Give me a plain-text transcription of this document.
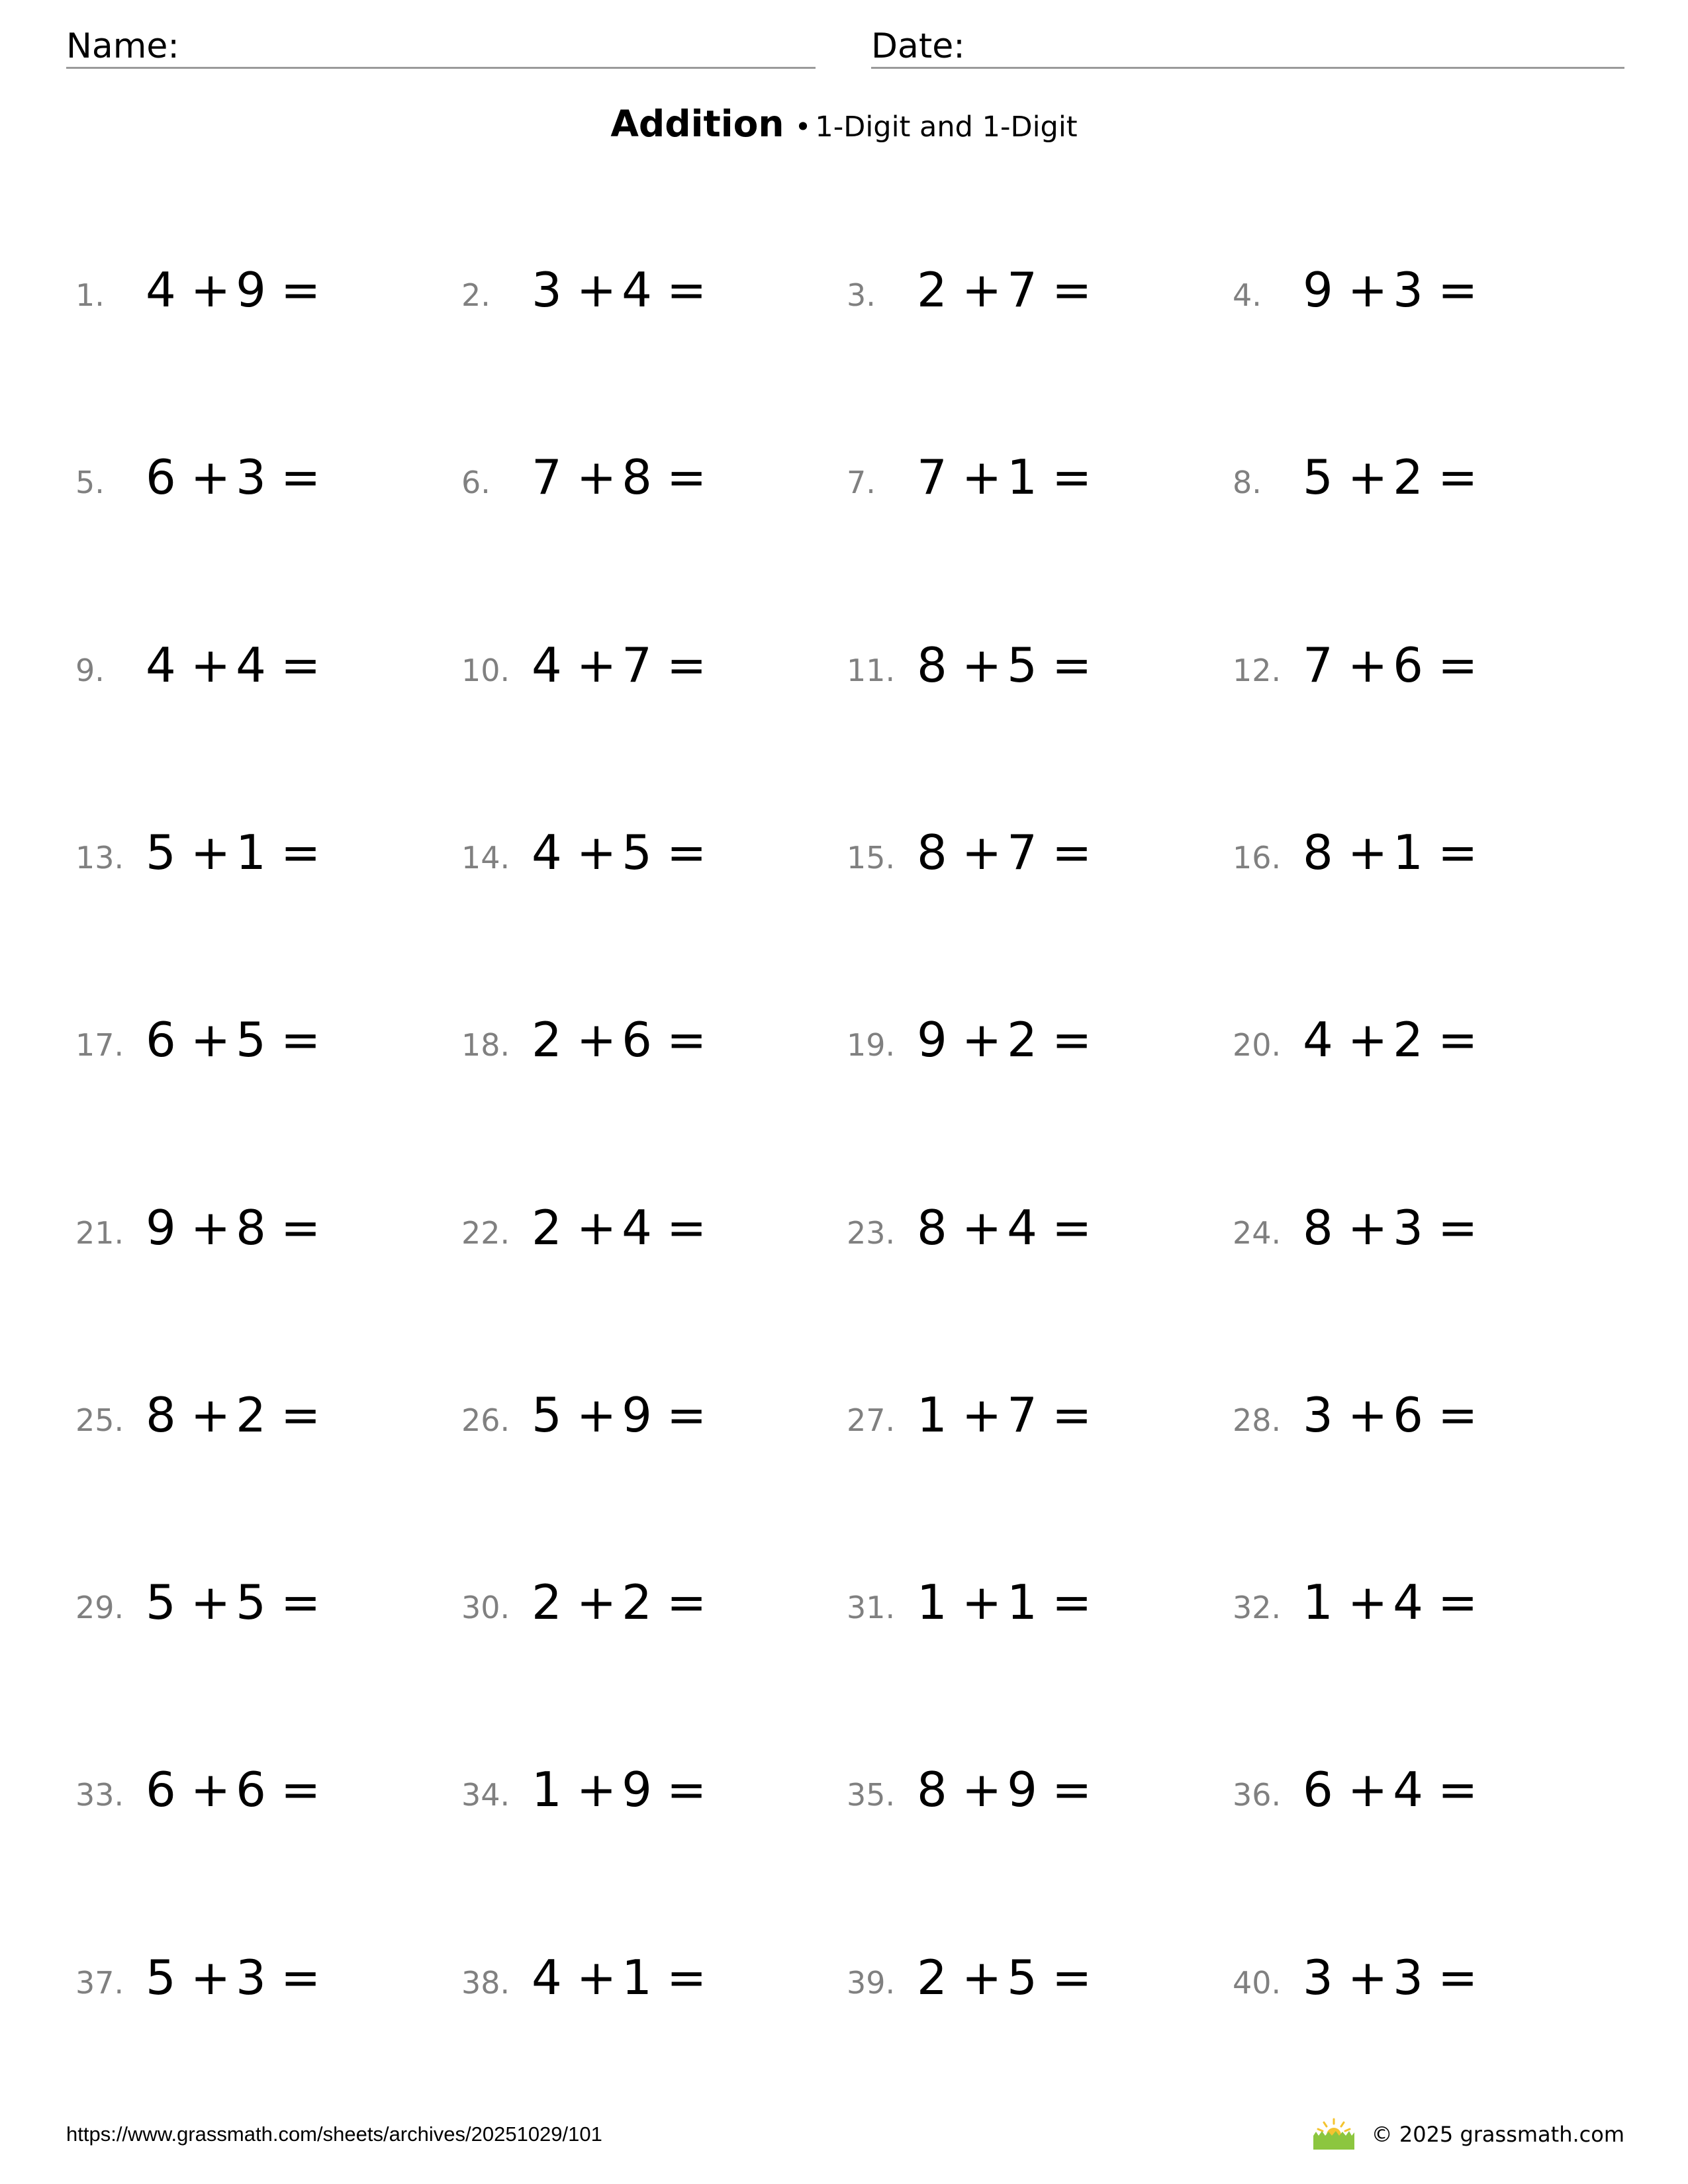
Name:	Date:
Addition • 1-Digit and 1-Digit
1. 4 + 9 =	2. 3 + 4 =	3. 2 + 7 =	4. 9 + 3 =
5. 6 + 3 =	6. 7 + 8 =	7. 7 + 1 =	8. 5 + 2 =
9. 4 + 4 =	10. 4 + 7 =	11. 8 + 5 =	12. 7 + 6 =
13. 5 + 1 =	14. 4 + 5 =	15. 8 + 7 =	16. 8 + 1 =
17. 6 + 5 =	18. 2 + 6 =	19. 9 + 2 =	20. 4 + 2 =
21. 9 + 8 =	22. 2 + 4 =	23. 8 + 4 =	24. 8 + 3 =
25. 8 + 2 =	26. 5 + 9 =	27. 1 + 7 =	28. 3 + 6 =
29. 5 + 5 =	30. 2 + 2 =	31. 1 + 1 =	32. 1 + 4 =
33. 6 + 6 =	34. 1 + 9 =	35. 8 + 9 =	36. 6 + 4 =
37. 5 + 3 =	38. 4 + 1 =	39. 2 + 5 =	40. 3 + 3 =
https://www.grassmath.com/sheets/archives/20251029/101	© 2025 grassmath.com
